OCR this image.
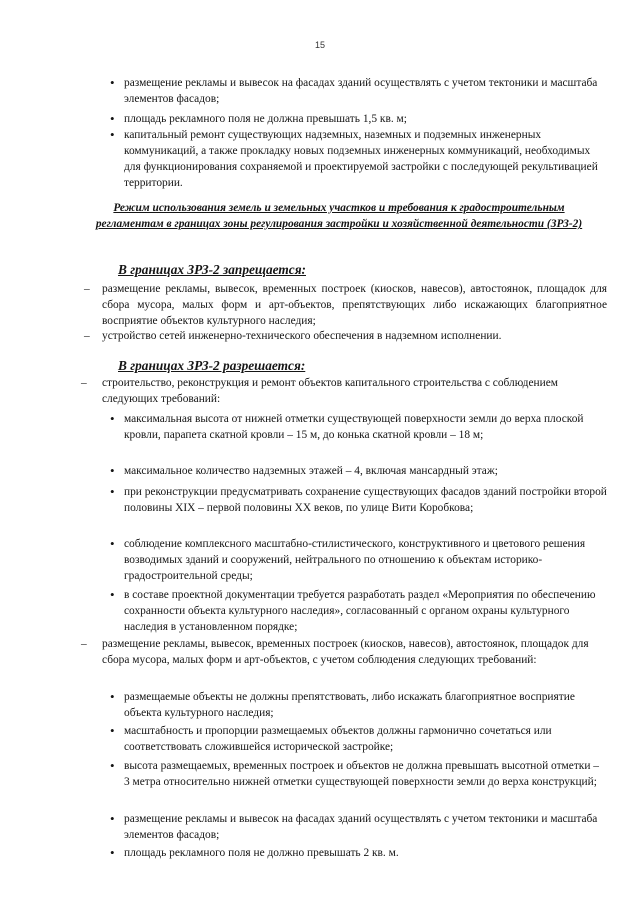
15

• размещение рекламы и вывесок на фасадах зданий осуществлять с учетом тектоники и масштаба элементов фасадов;

• площадь рекламного поля не должна превышать 1,5 кв. м;

• капитальный ремонт существующих надземных, наземных и подземных инженерных коммуникаций, а также прокладку новых подземных инженерных коммуникаций, необходимых для функционирования сохраняемой и проектируемой застройки с последующей рекультивацией территории.

Режим использования земель и земельных участков и требования к градостроительным регламентам в границах зоны регулирования застройки и хозяйственной деятельности (ЗРЗ-2)
В границах ЗРЗ-2 запрещается:

– размещение рекламы, вывесок, временных построек (киосков, навесов), автостоянок, площадок для сбора мусора, малых форм и арт-объектов, препятствующих либо искажающих благоприятное восприятие объектов культурного наследия;

– устройство сетей инженерно-технического обеспечения в надземном исполнении.

В границах ЗРЗ-2 разрешается:

– строительство, реконструкция и ремонт объектов капитального строительства с соблюдением следующих требований:

• максимальная высота от нижней отметки существующей поверхности земли до верха плоской кровли, парапета скатной кровли – 15 м, до конька скатной кровли – 18 м;

• максимальное количество надземных этажей – 4, включая мансардный этаж;

• при реконструкции предусматривать сохранение существующих фасадов зданий постройки второй половины XIX – первой половины XX веков, по улице Вити Коробкова;

• соблюдение комплексного масштабно-стилистического, конструктивного и цветового решения возводимых зданий и сооружений, нейтрального по отношению к объектам историко-градостроительной среды;

• в составе проектной документации требуется разработать раздел «Мероприятия по обеспечению сохранности объекта культурного наследия», согласованный с органом охраны культурного наследия в установленном порядке;

– размещение рекламы, вывесок, временных построек (киосков, навесов), автостоянок, площадок для сбора мусора, малых форм и арт-объектов, с учетом соблюдения следующих требований:

• размещаемые объекты не должны препятствовать, либо искажать благоприятное восприятие объекта культурного наследия;

• масштабность и пропорции размещаемых объектов должны гармонично сочетаться или соответствовать сложившейся исторической застройке;

• высота размещаемых, временных построек и объектов не должна превышать высотной отметки – 3 метра относительно нижней отметки существующей поверхности земли до верха конструкций;

• размещение рекламы и вывесок на фасадах зданий осуществлять с учетом тектоники и масштаба элементов фасадов;

• площадь рекламного поля не должно превышать 2 кв. м.
